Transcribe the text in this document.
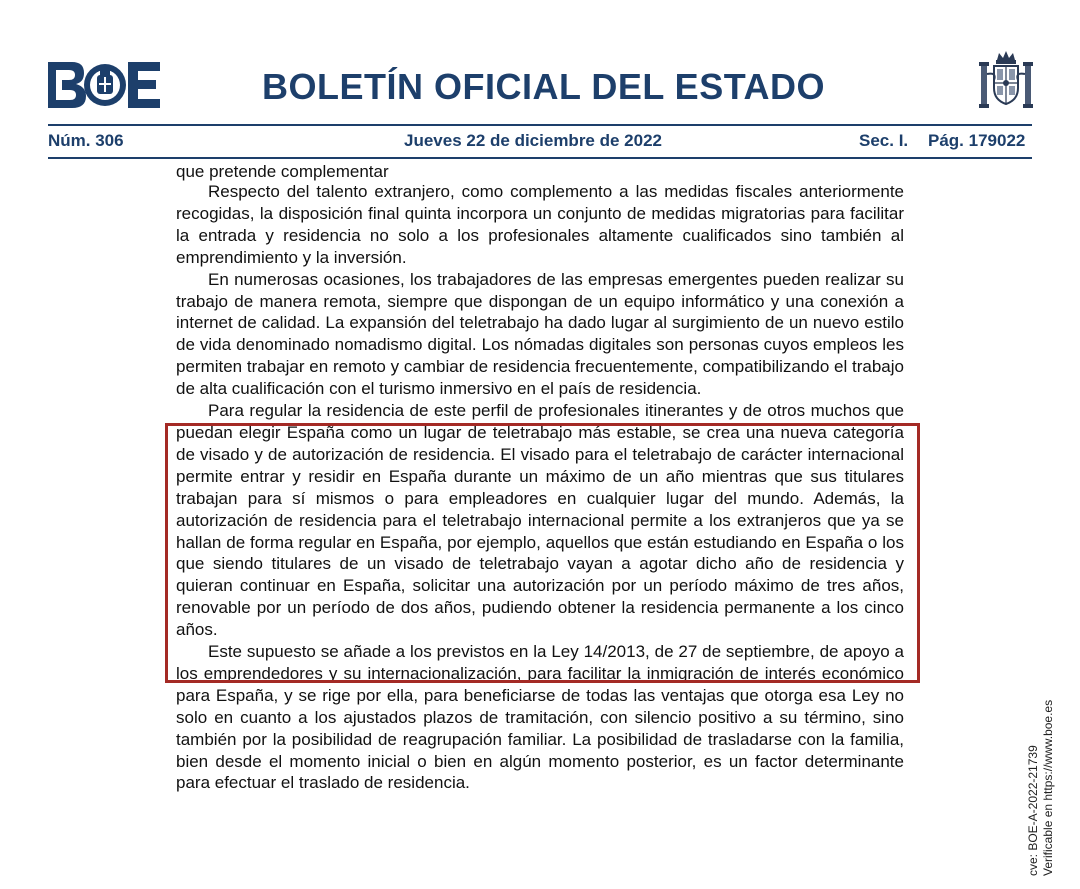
BOLETÍN OFICIAL DEL ESTADO
Núm. 306	Jueves 22 de diciembre de 2022	Sec. I. Pág. 179022
que pretende complementar

Respecto del talento extranjero, como complemento a las medidas fiscales anteriormente recogidas, la disposición final quinta incorpora un conjunto de medidas migratorias para facilitar la entrada y residencia no solo a los profesionales altamente cualificados sino también al emprendimiento y la inversión.

En numerosas ocasiones, los trabajadores de las empresas emergentes pueden realizar su trabajo de manera remota, siempre que dispongan de un equipo informático y una conexión a internet de calidad. La expansión del teletrabajo ha dado lugar al surgimiento de un nuevo estilo de vida denominado nomadismo digital. Los nómadas digitales son personas cuyos empleos les permiten trabajar en remoto y cambiar de residencia frecuentemente, compatibilizando el trabajo de alta cualificación con el turismo inmersivo en el país de residencia.

Para regular la residencia de este perfil de profesionales itinerantes y de otros muchos que puedan elegir España como un lugar de teletrabajo más estable, se crea una nueva categoría de visado y de autorización de residencia. El visado para el teletrabajo de carácter internacional permite entrar y residir en España durante un máximo de un año mientras que sus titulares trabajan para sí mismos o para empleadores en cualquier lugar del mundo. Además, la autorización de residencia para el teletrabajo internacional permite a los extranjeros que ya se hallan de forma regular en España, por ejemplo, aquellos que están estudiando en España o los que siendo titulares de un visado de teletrabajo vayan a agotar dicho año de residencia y quieran continuar en España, solicitar una autorización por un período máximo de tres años, renovable por un período de dos años, pudiendo obtener la residencia permanente a los cinco años.

Este supuesto se añade a los previstos en la Ley 14/2013, de 27 de septiembre, de apoyo a los emprendedores y su internacionalización, para facilitar la inmigración de interés económico para España, y se rige por ella, para beneficiarse de todas las ventajas que otorga esa Ley no solo en cuanto a los ajustados plazos de tramitación, con silencio positivo a su término, sino también por la posibilidad de reagrupación familiar. La posibilidad de trasladarse con la familia, bien desde el momento inicial o bien en algún momento posterior, es un factor determinante para efectuar el traslado de residencia.	cve: BOE-A-2022-21739 Verificable en https://www.boe.es
